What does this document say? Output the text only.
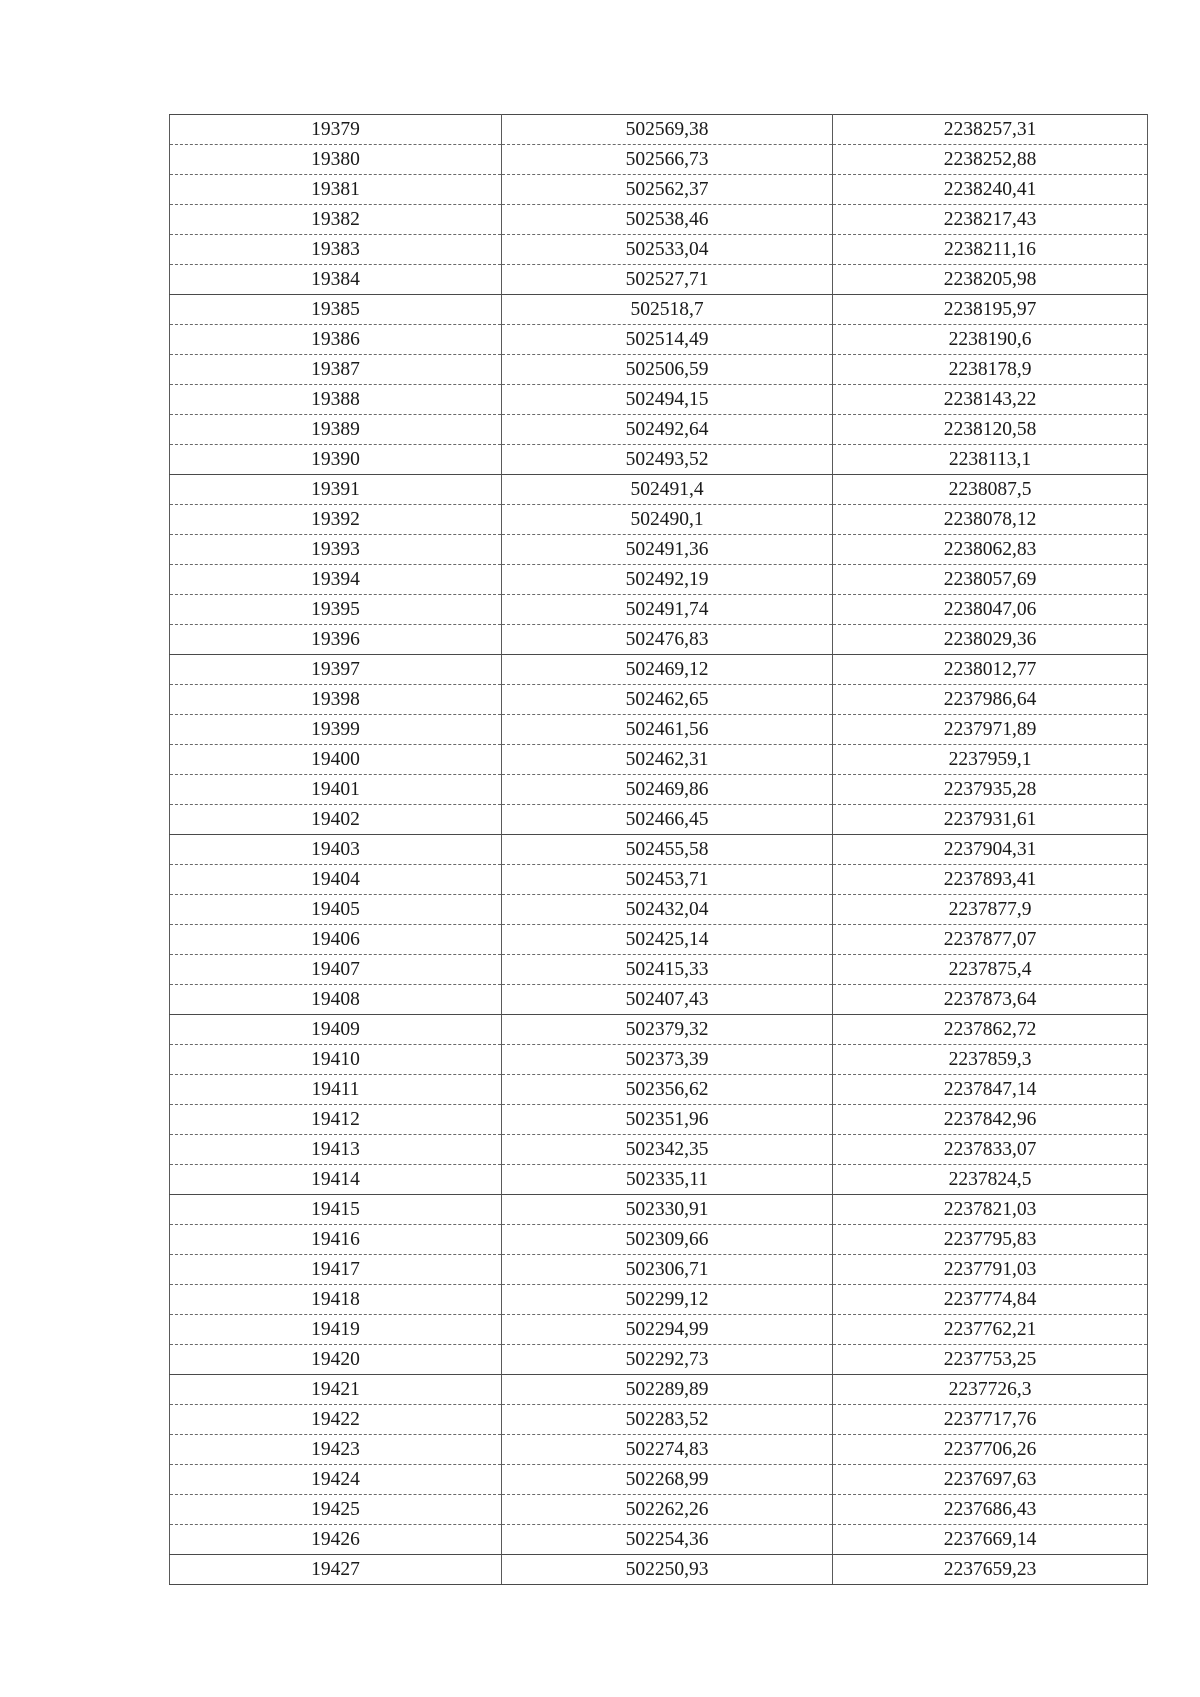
19379	502569,38	2238257,31
19380	502566,73	2238252,88
19381	502562,37	2238240,41
19382	502538,46	2238217,43
19383	502533,04	2238211,16
19384	502527,71	2238205,98
19385	502518,7	2238195,97
19386	502514,49	2238190,6
19387	502506,59	2238178,9
19388	502494,15	2238143,22
19389	502492,64	2238120,58
19390	502493,52	2238113,1
19391	502491,4	2238087,5
19392	502490,1	2238078,12
19393	502491,36	2238062,83
19394	502492,19	2238057,69
19395	502491,74	2238047,06
19396	502476,83	2238029,36
19397	502469,12	2238012,77
19398	502462,65	2237986,64
19399	502461,56	2237971,89
19400	502462,31	2237959,1
19401	502469,86	2237935,28
19402	502466,45	2237931,61
19403	502455,58	2237904,31
19404	502453,71	2237893,41
19405	502432,04	2237877,9
19406	502425,14	2237877,07
19407	502415,33	2237875,4
19408	502407,43	2237873,64
19409	502379,32	2237862,72
19410	502373,39	2237859,3
19411	502356,62	2237847,14
19412	502351,96	2237842,96
19413	502342,35	2237833,07
19414	502335,11	2237824,5
19415	502330,91	2237821,03
19416	502309,66	2237795,83
19417	502306,71	2237791,03
19418	502299,12	2237774,84
19419	502294,99	2237762,21
19420	502292,73	2237753,25
19421	502289,89	2237726,3
19422	502283,52	2237717,76
19423	502274,83	2237706,26
19424	502268,99	2237697,63
19425	502262,26	2237686,43
19426	502254,36	2237669,14
19427	502250,93	2237659,23
